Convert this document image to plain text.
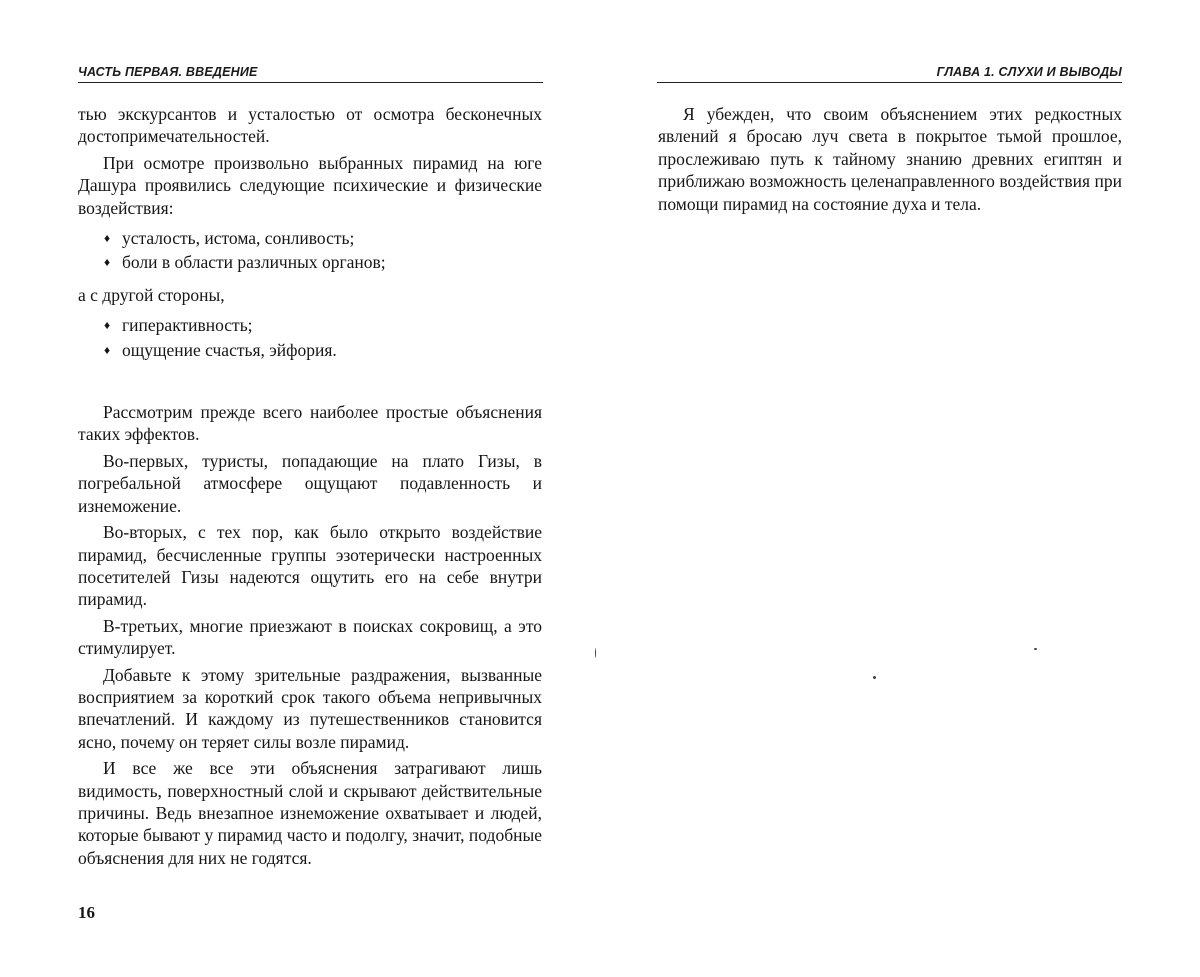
ЧАСТЬ ПЕРВАЯ. ВВЕДЕНИЕ

тью экскурсантов и усталостью от осмотра бесконечных достопримечательностей.

При осмотре произвольно выбранных пирамид на юге Дашура проявились следующие психические и физические воздействия:

♦ усталость, истома, сонливость;
♦ боли в области различных органов;

а с другой стороны,

♦ гиперактивность;
♦ ощущение счастья, эйфория.

Рассмотрим прежде всего наиболее простые объяснения таких эффектов.

Во-первых, туристы, попадающие на плато Гизы, в погребальной атмосфере ощущают подавленность и изнеможение.

Во-вторых, с тех пор, как было открыто воздействие пирамид, бесчисленные группы эзотерически настроенных посетителей Гизы надеются ощутить его на себе внутри пирамид.

В-третьих, многие приезжают в поисках сокровищ, а это стимулирует.

Добавьте к этому зрительные раздражения, вызванные восприятием за короткий срок такого объема непривычных впечатлений. И каждому из путешественников становится ясно, почему он теряет силы возле пирамид.

И все же все эти объяснения затрагивают лишь видимость, поверхностный слой и скрывают действительные причины. Ведь внезапное изнеможение охватывает и людей, которые бывают у пирамид часто и подолгу, значит, подобные объяснения для них не годятся.

16

ГЛАВА 1. СЛУХИ И ВЫВОДЫ

Я убежден, что своим объяснением этих редкостных явлений я бросаю луч света в покрытое тьмой прошлое, прослеживаю путь к тайному знанию древних египтян и приближаю возможность целенаправленного воздействия при помощи пирамид на состояние духа и тела.
